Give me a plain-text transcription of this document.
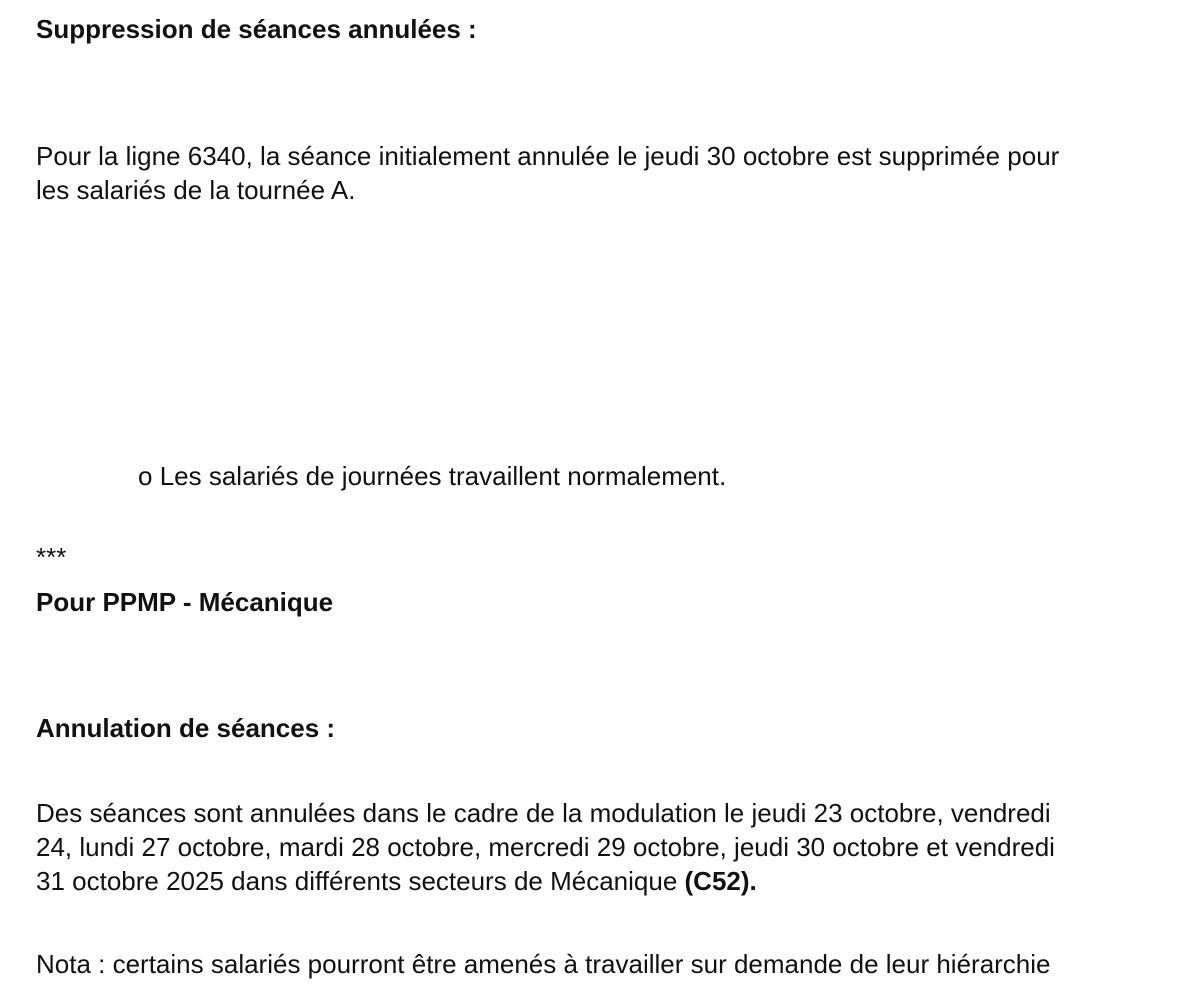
Suppression de séances annulées :
Pour la ligne 6340, la séance initialement annulée le jeudi 30 octobre est supprimée pour
les salariés de la tournée A.
o Les salariés de journées travaillent normalement.
***
Pour PPMP - Mécanique
Annulation de séances :
Des séances sont annulées dans le cadre de la modulation le jeudi 23 octobre, vendredi
24, lundi 27 octobre, mardi 28 octobre, mercredi 29 octobre, jeudi 30 octobre et vendredi
31 octobre 2025 dans différents secteurs de Mécanique (C52).
Nota : certains salariés pourront être amenés à travailler sur demande de leur hiérarchie
